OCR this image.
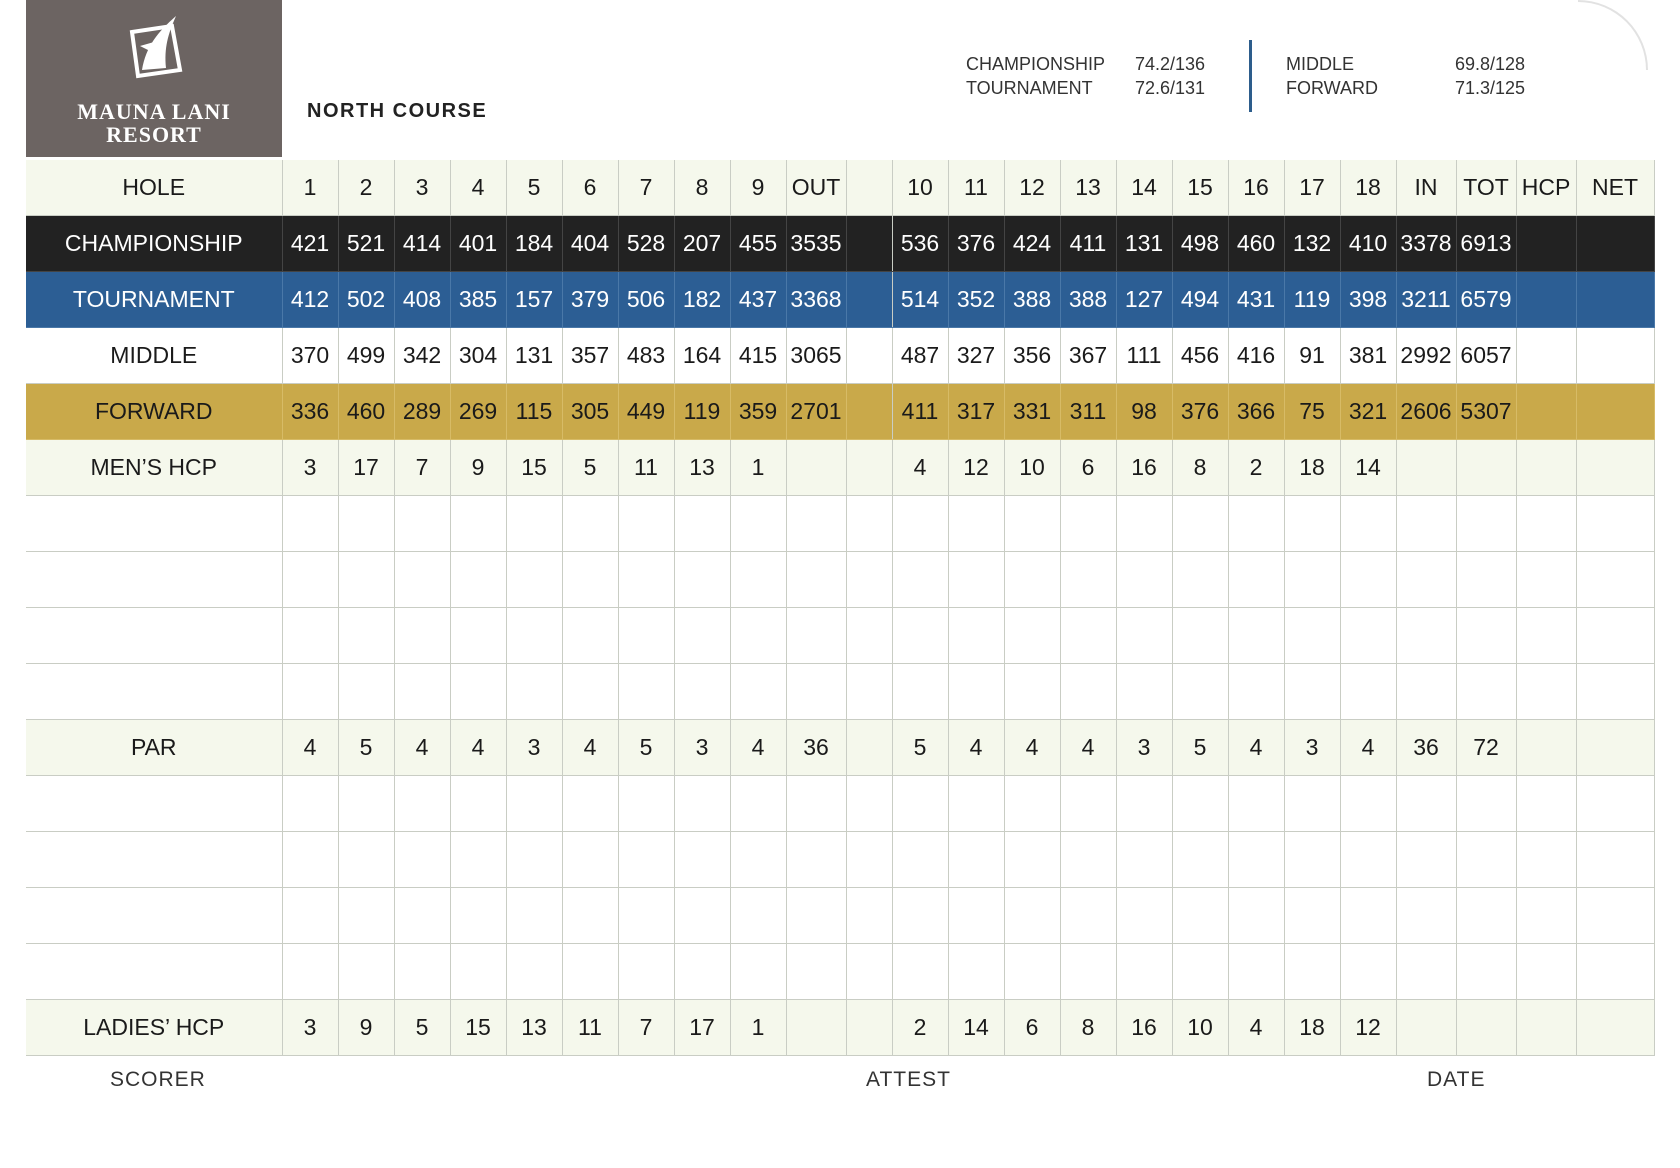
MAUNA LANI
RESORT
NORTH COURSE
CHAMPIONSHIP
TOURNAMENT
74.2/136
72.6/131
MIDDLE
FORWARD
69.8/128
71.3/125
HOLE	1	2	3	4	5	6	7	8	9	OUT		10	11	12	13	14	15	16	17	18	IN	TOT	HCP	NET
CHAMPIONSHIP	421	521	414	401	184	404	528	207	455	3535		536	376	424	411	131	498	460	132	410	3378	6913		
TOURNAMENT	412	502	408	385	157	379	506	182	437	3368		514	352	388	388	127	494	431	119	398	3211	6579		
MIDDLE	370	499	342	304	131	357	483	164	415	3065		487	327	356	367	111	456	416	91	381	2992	6057		
FORWARD	336	460	289	269	115	305	449	119	359	2701		411	317	331	311	98	376	366	75	321	2606	5307		
MEN’S HCP	3	17	7	9	15	5	11	13	1			4	12	10	6	16	8	2	18	14				

PAR	4	5	4	4	3	4	5	3	4	36		5	4	4	4	3	5	4	3	4	36	72		

LADIES’ HCP	3	9	5	15	13	11	7	17	1			2	14	6	8	16	10	4	18	12				
SCORER	ATTEST	DATE
